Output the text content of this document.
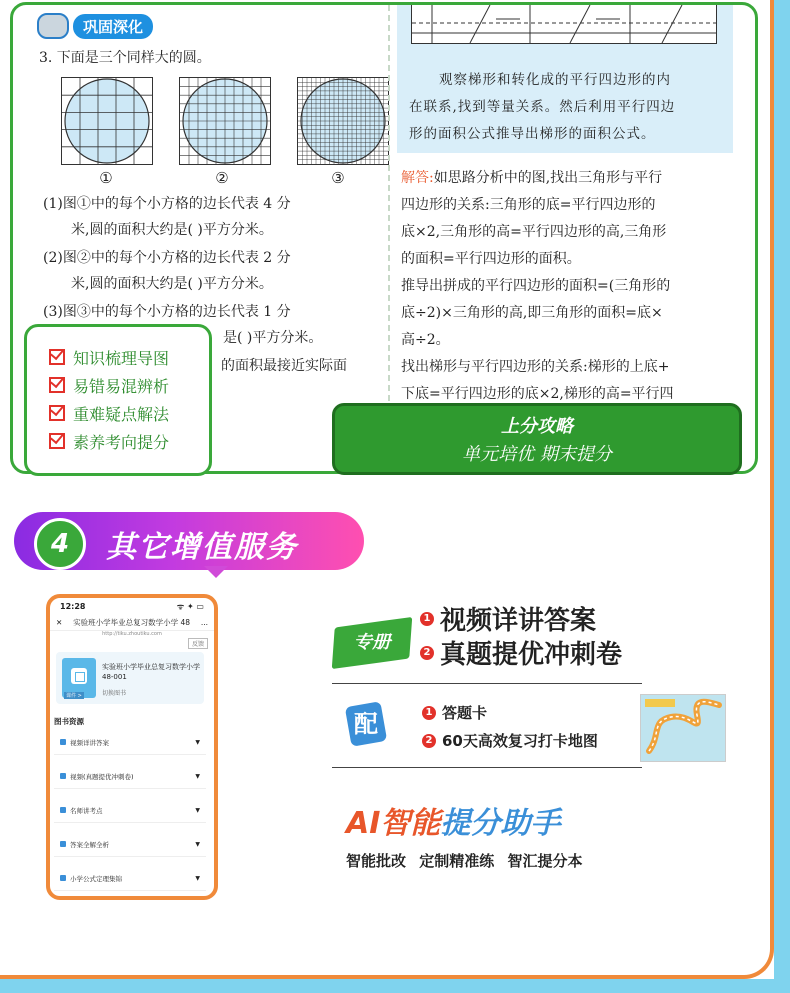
巩固深化
3. 下面是三个同样大的圆。
①	②	③
(1)图①中的每个小方格的边长代表 4 分
米,圆的面积大约是( )平方分米。
(2)图②中的每个小方格的边长代表 2 分
米,圆的面积大约是( )平方分米。
(3)图③中的每个小方格的边长代表 1 分
是( )平方分米。
的面积最接近实际面
观察梯形和转化成的平行四边形的内
在联系,找到等量关系。然后利用平行四边
形的面积公式推导出梯形的面积公式。
解答:如思路分析中的图,找出三角形与平行
四边形的关系:三角形的底=平行四边形的
底×2,三角形的高=平行四边形的高,三角形
的面积=平行四边形的面积。
推导出拼成的平行四边形的面积=(三角形的
底÷2)×三角形的高,即三角形的面积=底×
高÷2。
找出梯形与平行四边形的关系:梯形的上底+
下底=平行四边形的底×2,梯形的高=平行四
知识梳理导图
易错易混辨析
重难疑点解法
素养考向提分
上分攻略
单元培优 期末提分
4	其它增值服务
12:28	ᯤ ✦ ▭
✕	实验班小学毕业总复习数学小学 48	...
http://tiku.zhoutiku.com
反馈
课件 >
实验班小学毕业总复习数学小学 48-001
切换图书
图书资源
视频详讲答案	▼
视频(真题提优冲刺卷)	▼
名师讲考点	▼
答案全解全析	▼
小学公式定理集锦	▼
专册
1 视频详讲答案
2 真题提优冲刺卷
配	1 答题卡
2 60天高效复习打卡地图
AI智能提分助手
智能批改 定制精准练 智汇提分本
